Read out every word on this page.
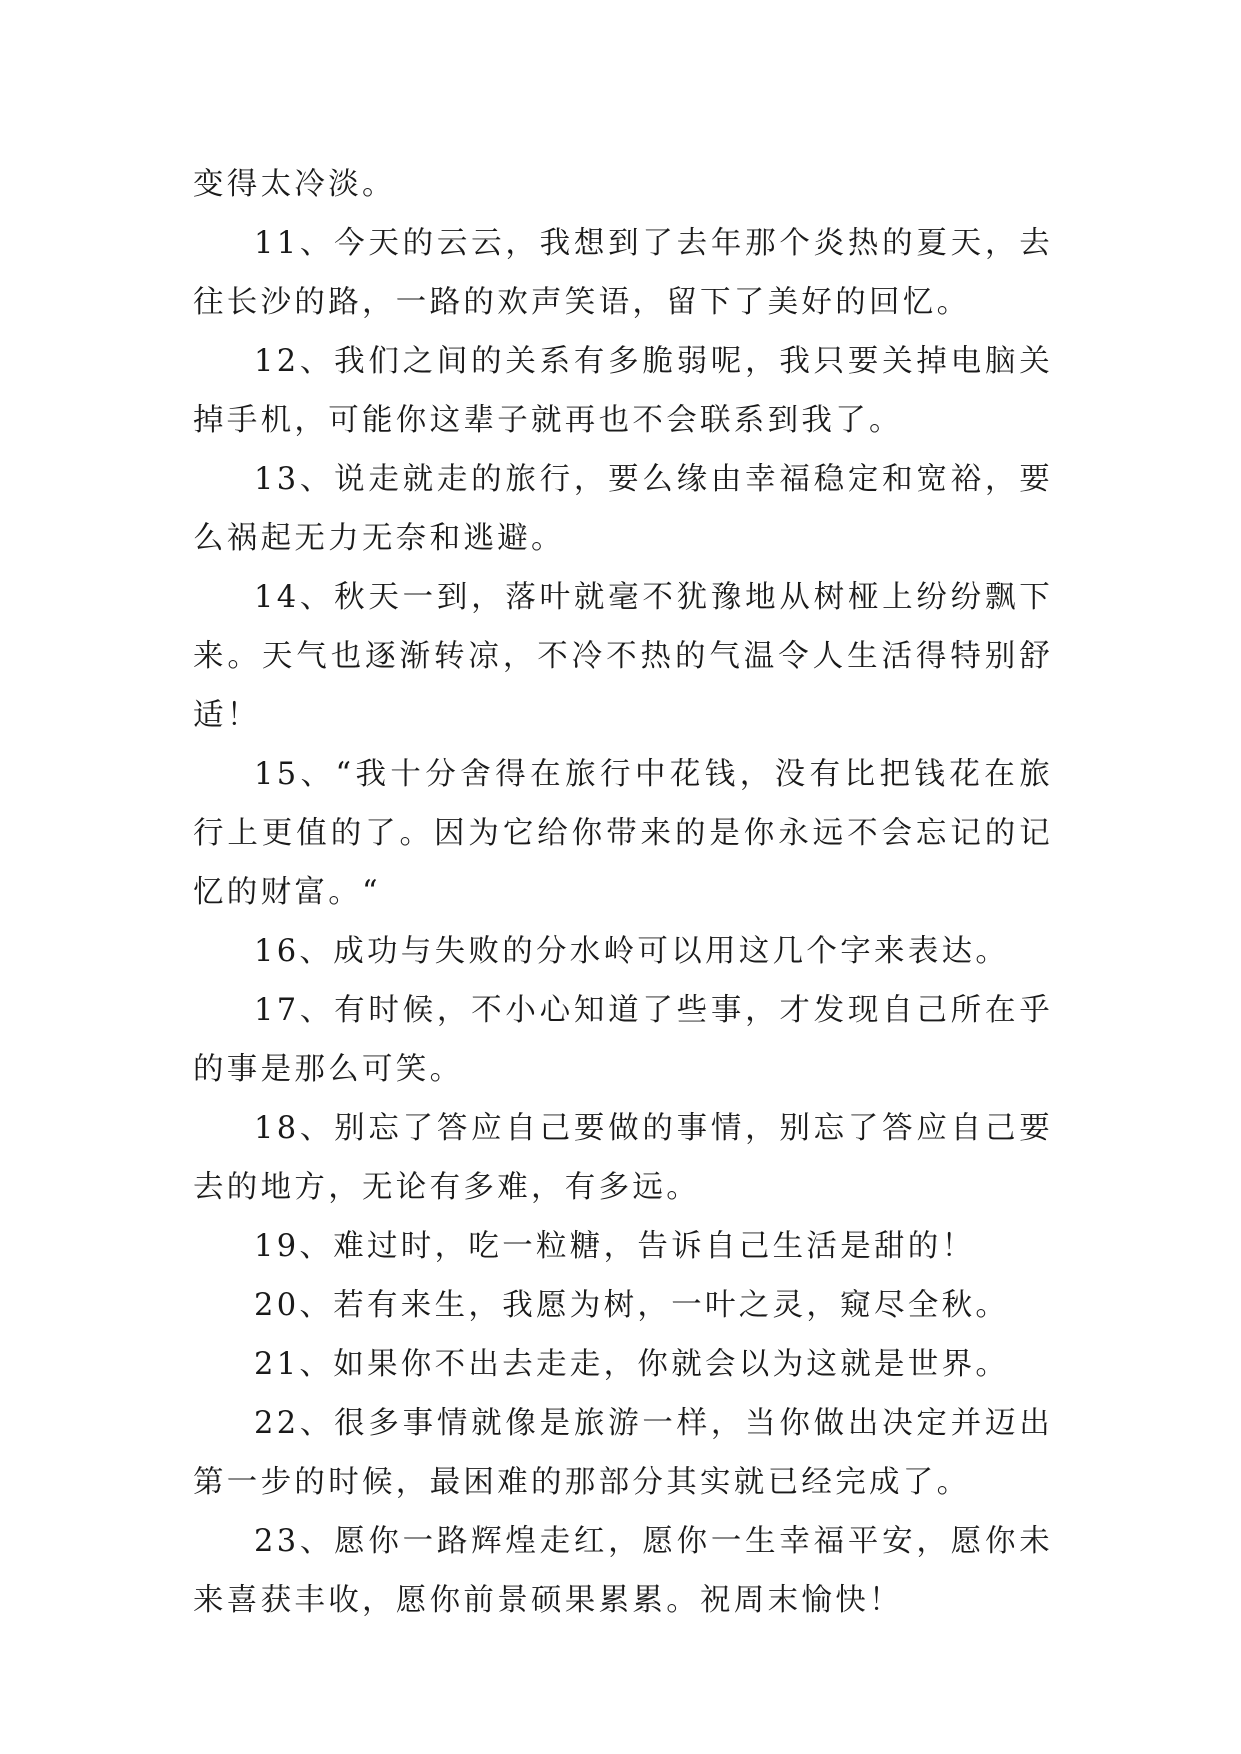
变得太冷淡。

11、今天的云云，我想到了去年那个炎热的夏天，去往长沙的路，一路的欢声笑语，留下了美好的回忆。

12、我们之间的关系有多脆弱呢，我只要关掉电脑关掉手机，可能你这辈子就再也不会联系到我了。

13、说走就走的旅行，要么缘由幸福稳定和宽裕，要么祸起无力无奈和逃避。

14、秋天一到，落叶就毫不犹豫地从树桠上纷纷飘下来。天气也逐渐转凉，不冷不热的气温令人生活得特别舒适！

15、“我十分舍得在旅行中花钱，没有比把钱花在旅行上更值的了。因为它给你带来的是你永远不会忘记的记忆的财富。“

16、成功与失败的分水岭可以用这几个字来表达。

17、有时候，不小心知道了些事，才发现自己所在乎的事是那么可笑。

18、别忘了答应自己要做的事情，别忘了答应自己要去的地方，无论有多难，有多远。

19、难过时，吃一粒糖，告诉自己生活是甜的！

20、若有来生，我愿为树，一叶之灵，窥尽全秋。

21、如果你不出去走走，你就会以为这就是世界。

22、很多事情就像是旅游一样，当你做出决定并迈出第一步的时候，最困难的那部分其实就已经完成了。

23、愿你一路辉煌走红，愿你一生幸福平安，愿你未来喜获丰收，愿你前景硕果累累。祝周末愉快！
